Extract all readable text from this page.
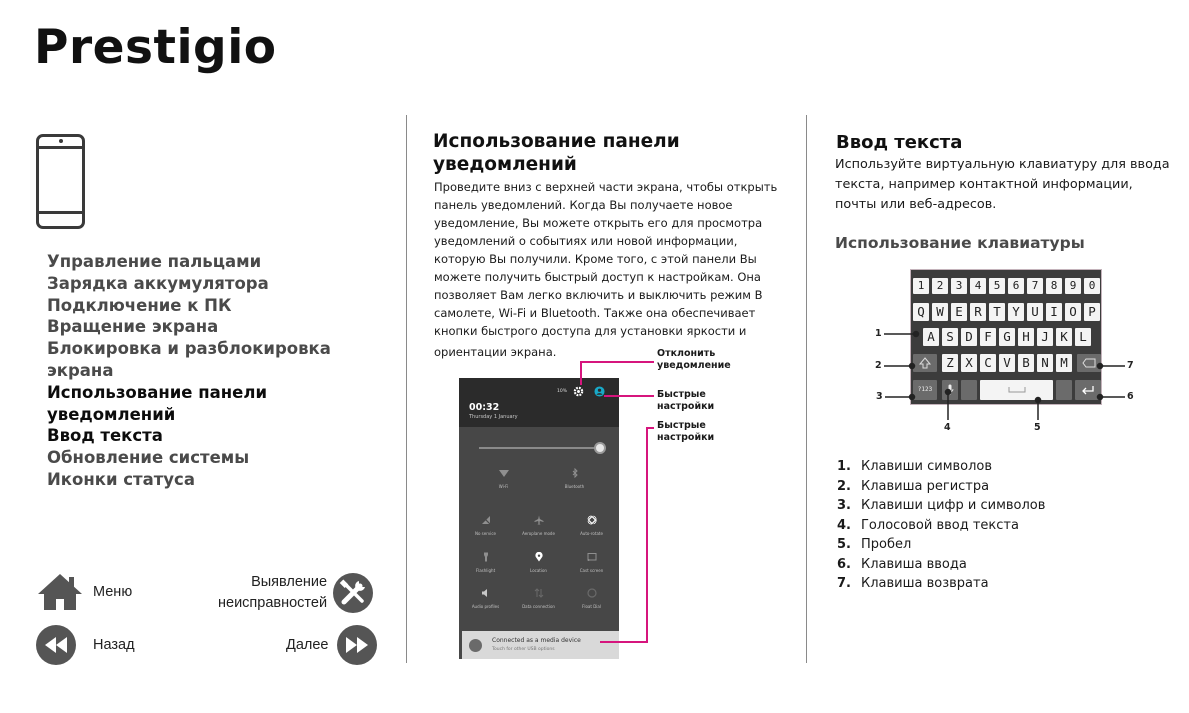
Prestigio
Управление пальцами
Зарядка аккумулятора
Подключение к ПК
Вращение экрана
Блокировка и разблокировка экрана
Использование панели
уведомлений
Ввод текста
Обновление системы
Иконки статуса
Меню
Выявление
неисправностей
Назад	Далее
Использование панели
уведомлений
Проведите вниз с верхней части экрана, чтобы открыть
панель уведомлений. Когда Вы получаете новое
уведомление, Вы можете открыть его для просмотра
уведомлений о событиях или новой информации,
которую Вы получили. Кроме того, с этой панели Вы
можете получить быстрый доступ к настройкам. Она
позволяет Вам легко включить и выключить режим В
самолете, Wi-Fi и Bluetooth. Также она обеспечивает
кнопки быстрого доступа для установки яркости и
ориентации экрана.
10%
00:32
Thursday 1 January
Wi-Fi	Bluetooth
No service	Aeroplane mode	Auto-rotate
Flashlight	Location	Cast screen
Audio profiles	Data connection	Float Dial
Connected as a media device
Touch for other USB options
Отклонить
уведомление
Быстрые
настройки
Быстрые
настройки
Ввод текста
Используйте виртуальную клавиатуру для ввода
текста, например контактной информации,
почты или веб-адресов.
Использование клавиатуры
1	2	3	4	5	6	7	8	9	0
Q W E R T Y U I O P
A S D F G H J K L
Z X C V B N M
?123
1
2
3
4	5
6
7
1. Клавиши символов
2. Клавиша регистра
3. Клавиши цифр и символов
4. Голосовой ввод текста
5. Пробел
6. Клавиша ввода
7. Клавиша возврата
